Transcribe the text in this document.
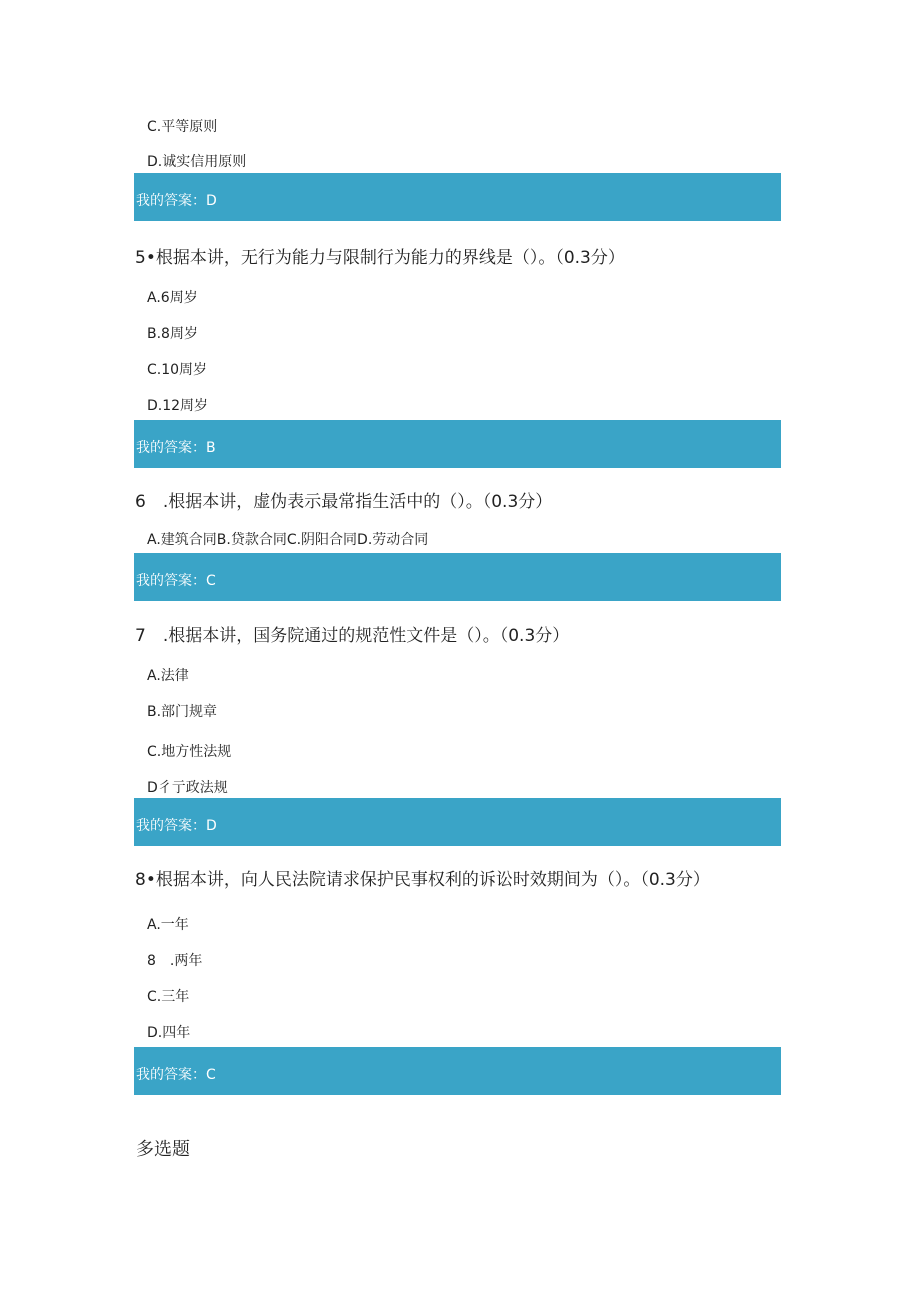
C.平等原则
D.诚实信用原则
我的答案：D
5•根据本讲，无行为能力与限制行为能力的界线是（）。（0.3分）
A.6周岁
B.8周岁
C.10周岁
D.12周岁
我的答案：B
6　.根据本讲，虚伪表示最常指生活中的（）。（0.3分）
A.建筑合同B.贷款合同C.阴阳合同D.劳动合同
我的答案：C
7　.根据本讲，国务院通过的规范性文件是（）。（0.3分）
A.法律
B.部门规章
C.地方性法规
D彳亍政法规
我的答案：D
8•根据本讲，向人民法院请求保护民事权利的诉讼时效期间为（）。（0.3分）
A.一年
8　.两年
C.三年
D.四年
我的答案：C
多选题
